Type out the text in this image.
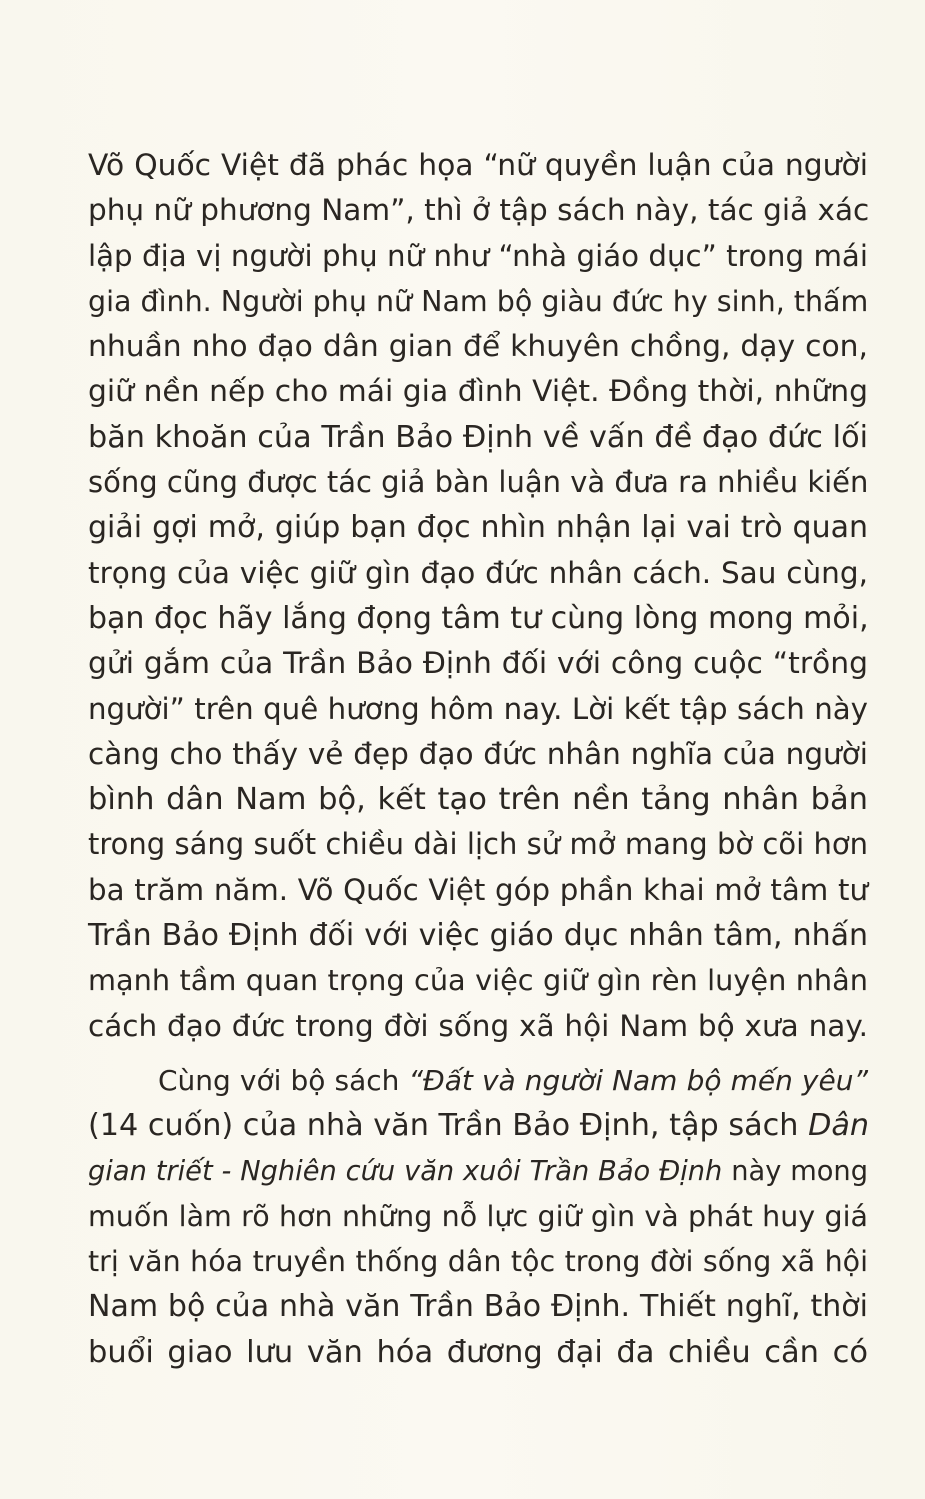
Võ Quốc Việt đã phác họa “nữ quyền luận của người
phụ nữ phương Nam”, thì ở tập sách này, tác giả xác
lập địa vị người phụ nữ như “nhà giáo dục” trong mái
gia đình. Người phụ nữ Nam bộ giàu đức hy sinh, thấm
nhuần nho đạo dân gian để khuyên chồng, dạy con,
giữ nền nếp cho mái gia đình Việt. Đồng thời, những
băn khoăn của Trần Bảo Định về vấn đề đạo đức lối
sống cũng được tác giả bàn luận và đưa ra nhiều kiến
giải gợi mở, giúp bạn đọc nhìn nhận lại vai trò quan
trọng của việc giữ gìn đạo đức nhân cách. Sau cùng,
bạn đọc hãy lắng đọng tâm tư cùng lòng mong mỏi,
gửi gắm của Trần Bảo Định đối với công cuộc “trồng
người” trên quê hương hôm nay. Lời kết tập sách này
càng cho thấy vẻ đẹp đạo đức nhân nghĩa của người
bình dân Nam bộ, kết tạo trên nền tảng nhân bản
trong sáng suốt chiều dài lịch sử mở mang bờ cõi hơn
ba trăm năm. Võ Quốc Việt góp phần khai mở tâm tư
Trần Bảo Định đối với việc giáo dục nhân tâm, nhấn
mạnh tầm quan trọng của việc giữ gìn rèn luyện nhân
cách đạo đức trong đời sống xã hội Nam bộ xưa nay.
Cùng với bộ sách “Đất và người Nam bộ mến yêu”
(14 cuốn) của nhà văn Trần Bảo Định, tập sách Dân
gian triết - Nghiên cứu văn xuôi Trần Bảo Định này mong
muốn làm rõ hơn những nỗ lực giữ gìn và phát huy giá
trị văn hóa truyền thống dân tộc trong đời sống xã hội
Nam bộ của nhà văn Trần Bảo Định. Thiết nghĩ, thời
buổi giao lưu văn hóa đương đại đa chiều cần có
